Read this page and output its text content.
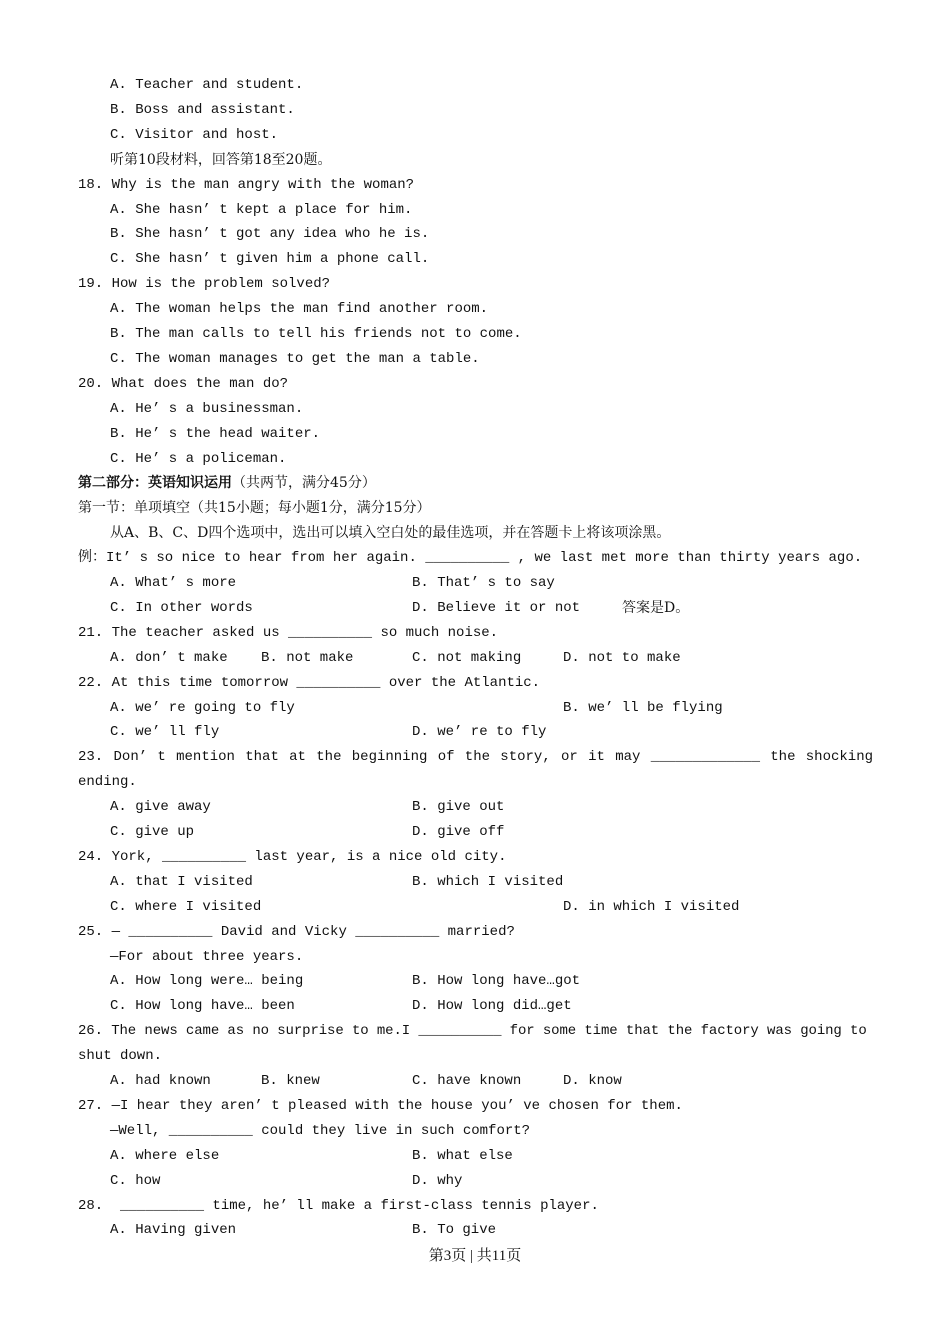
A. Teacher and student.
B. Boss and assistant.
C. Visitor and host.
听第10段材料，回答第18至20题。
18. Why is the man angry with the woman?
A. She hasn’ t kept a place for him.
B. She hasn’ t got any idea who he is.
C. She hasn’ t given him a phone call.
19. How is the problem solved?
A. The woman helps the man find another room.
B. The man calls to tell his friends not to come.
C. The woman manages to get the man a table.
20. What does the man do?
A. He’ s a businessman.
B. He’ s the head waiter.
C. He’ s a policeman.
第二部分：英语知识运用（共两节，满分45分）
第一节：单项填空（共15小题；每小题1分，满分15分）
从A、B、C、D四个选项中，选出可以填入空白处的最佳选项，并在答题卡上将该项涂黑。
例：It’ s so nice to hear from her again. __________ , we last met more than thirty years ago.
A. What’ s more	B. That’ s to say
C. In other words	D. Believe it or not	答案是D。
21. The teacher asked us __________ so much noise.
A. don’ t make B. not make	C. not making	D. not to make
22. At this time tomorrow __________ over the Atlantic.
A. we’ re going to fly	B. we’ ll be flying
C. we’ ll fly	D. we’ re to fly
23. Don’ t mention that at the beginning of the story, or it may _____________ the shocking
ending.
A. give away	B. give out
C. give up	D. give off
24. York, __________ last year, is a nice old city.
A. that I visited	B. which I visited
C. where I visited	D. in which I visited
25. — __________ David and Vicky __________ married?
—For about three years.
A. How long were… being	B. How long have…got
C. How long have… been	D. How long did…get
26. The news came as no surprise to me.I __________ for some time that the factory was going to
shut down.
A. had known	B. knew	C. have known	D. know
27. —I hear they aren’ t pleased with the house you’ ve chosen for them.
—Well, __________ could they live in such comfort?
A. where else	B. what else
C. how	D. why
28.  __________ time, he’ ll make a first-class tennis player.
A. Having given	B. To give
第3页 | 共11页
